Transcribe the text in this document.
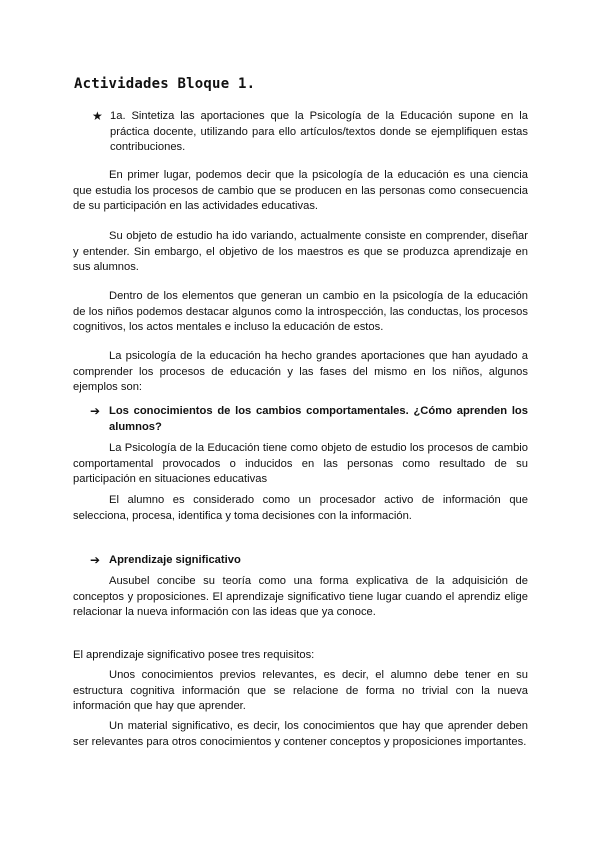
Actividades Bloque 1.
★ 1a. Sintetiza las aportaciones que la Psicología de la Educación supone en la práctica docente, utilizando para ello artículos/textos donde se ejemplifiquen estas contribuciones.

En primer lugar, podemos decir que la psicología de la educación es una ciencia que estudia los procesos de cambio que se producen en las personas como consecuencia de su participación en las actividades educativas.

Su objeto de estudio ha ido variando, actualmente consiste en comprender, diseñar y entender. Sin embargo, el objetivo de los maestros es que se produzca aprendizaje en sus alumnos.

Dentro de los elementos que generan un cambio en la psicología de la educación de los niños podemos destacar algunos como la introspección, las conductas, los procesos cognitivos, los actos mentales e incluso la educación de estos.

La psicología de la educación ha hecho grandes aportaciones que han ayudado a comprender los procesos de educación y las fases del mismo en los niños, algunos ejemplos son:

➔ Los conocimientos de los cambios comportamentales. ¿Cómo aprenden los alumnos?

La Psicología de la Educación tiene como objeto de estudio los procesos de cambio comportamental provocados o inducidos en las personas como resultado de su participación en situaciones educativas

El alumno es considerado como un procesador activo de información que selecciona, procesa, identifica y toma decisiones con la información.

➔ Aprendizaje significativo

Ausubel concibe su teoría como una forma explicativa de la adquisición de conceptos y proposiciones. El aprendizaje significativo tiene lugar cuando el aprendiz elige relacionar la nueva información con las ideas que ya conoce.

El aprendizaje significativo posee tres requisitos:

Unos conocimientos previos relevantes, es decir, el alumno debe tener en su estructura cognitiva información que se relacione de forma no trivial con la nueva información que hay que aprender.

Un material significativo, es decir, los conocimientos que hay que aprender deben ser relevantes para otros conocimientos y contener conceptos y proposiciones importantes.
